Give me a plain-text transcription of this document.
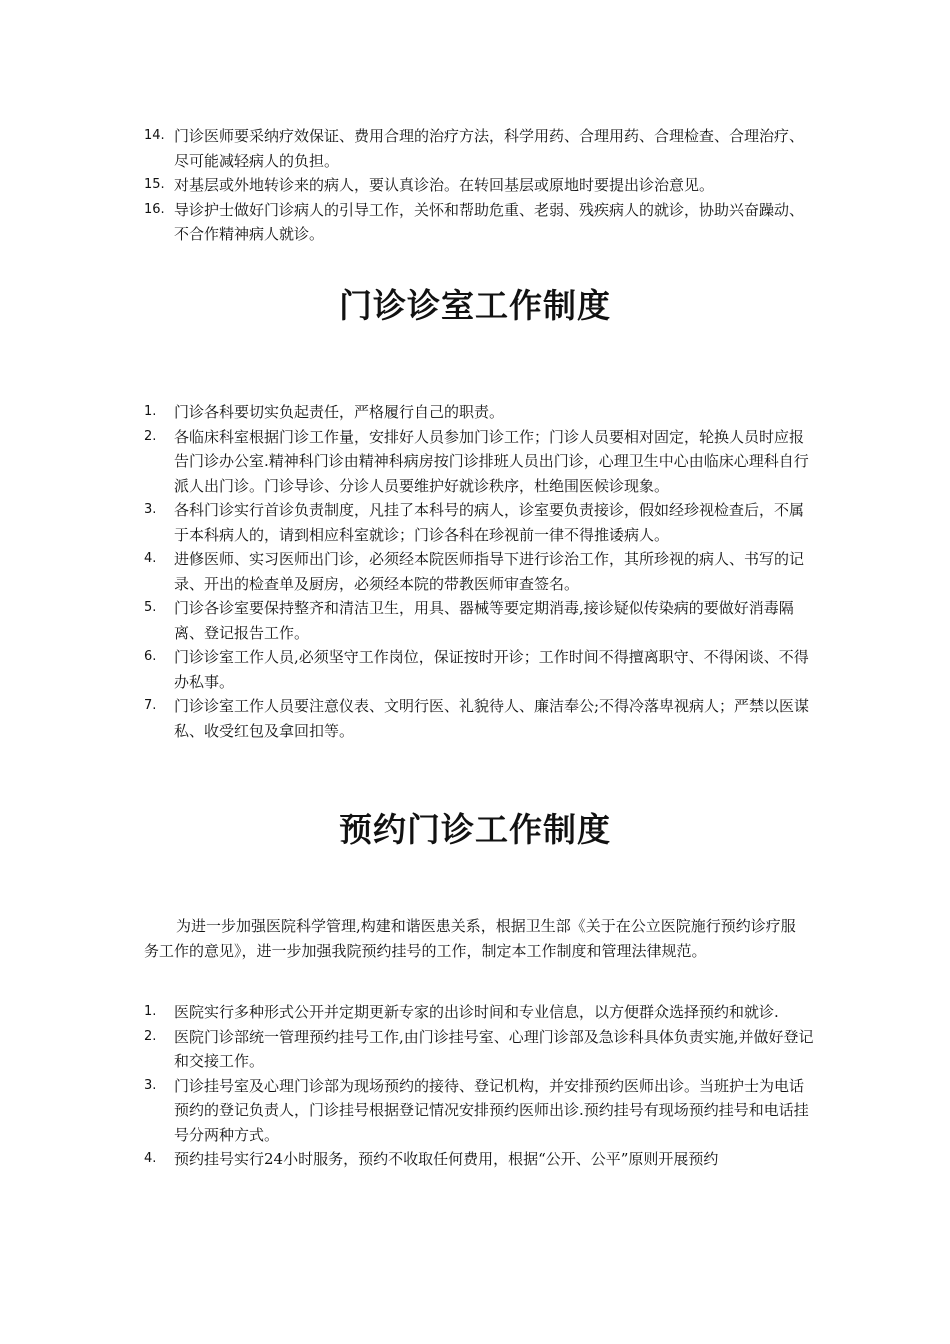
14. 门诊医师要采纳疗效保证、费用合理的治疗方法，科学用药、合理用药、合理检查、合理治疗、尽可能减轻病人的负担。
15. 对基层或外地转诊来的病人，要认真诊治。在转回基层或原地时要提出诊治意见。
16. 导诊护士做好门诊病人的引导工作，关怀和帮助危重、老弱、残疾病人的就诊，协助兴奋躁动、不合作精神病人就诊。
门诊诊室工作制度
1. 门诊各科要切实负起责任，严格履行自己的职责。
2. 各临床科室根据门诊工作量，安排好人员参加门诊工作；门诊人员要相对固定，轮换人员时应报告门诊办公室.精神科门诊由精神科病房按门诊排班人员出门诊，心理卫生中心由临床心理科自行派人出门诊。门诊导诊、分诊人员要维护好就诊秩序，杜绝围医候诊现象。
3. 各科门诊实行首诊负责制度，凡挂了本科号的病人，诊室要负责接诊，假如经珍视检查后，不属于本科病人的，请到相应科室就诊；门诊各科在珍视前一律不得推诿病人。
4. 进修医师、实习医师出门诊，必须经本院医师指导下进行诊治工作，其所珍视的病人、书写的记录、开出的检查单及厨房，必须经本院的带教医师审查签名。
5. 门诊各诊室要保持整齐和清洁卫生，用具、器械等要定期消毒,接诊疑似传染病的要做好消毒隔离、登记报告工作。
6. 门诊诊室工作人员,必须坚守工作岗位，保证按时开诊；工作时间不得擅离职守、不得闲谈、不得办私事。
7. 门诊诊室工作人员要注意仪表、文明行医、礼貌待人、廉洁奉公;不得冷落卑视病人；严禁以医谋私、收受红包及拿回扣等。
预约门诊工作制度

为进一步加强医院科学管理,构建和谐医患关系，根据卫生部《关于在公立医院施行预约诊疗服务工作的意见》，进一步加强我院预约挂号的工作，制定本工作制度和管理法律规范。

1. 医院实行多种形式公开并定期更新专家的出诊时间和专业信息，以方便群众选择预约和就诊.
2. 医院门诊部统一管理预约挂号工作,由门诊挂号室、心理门诊部及急诊科具体负责实施,并做好登记和交接工作。
3. 门诊挂号室及心理门诊部为现场预约的接待、登记机构，并安排预约医师出诊。当班护士为电话预约的登记负责人，门诊挂号根据登记情况安排预约医师出诊.预约挂号有现场预约挂号和电话挂号分两种方式。
4. 预约挂号实行24小时服务，预约不收取任何费用，根据“公开、公平”原则开展预约
